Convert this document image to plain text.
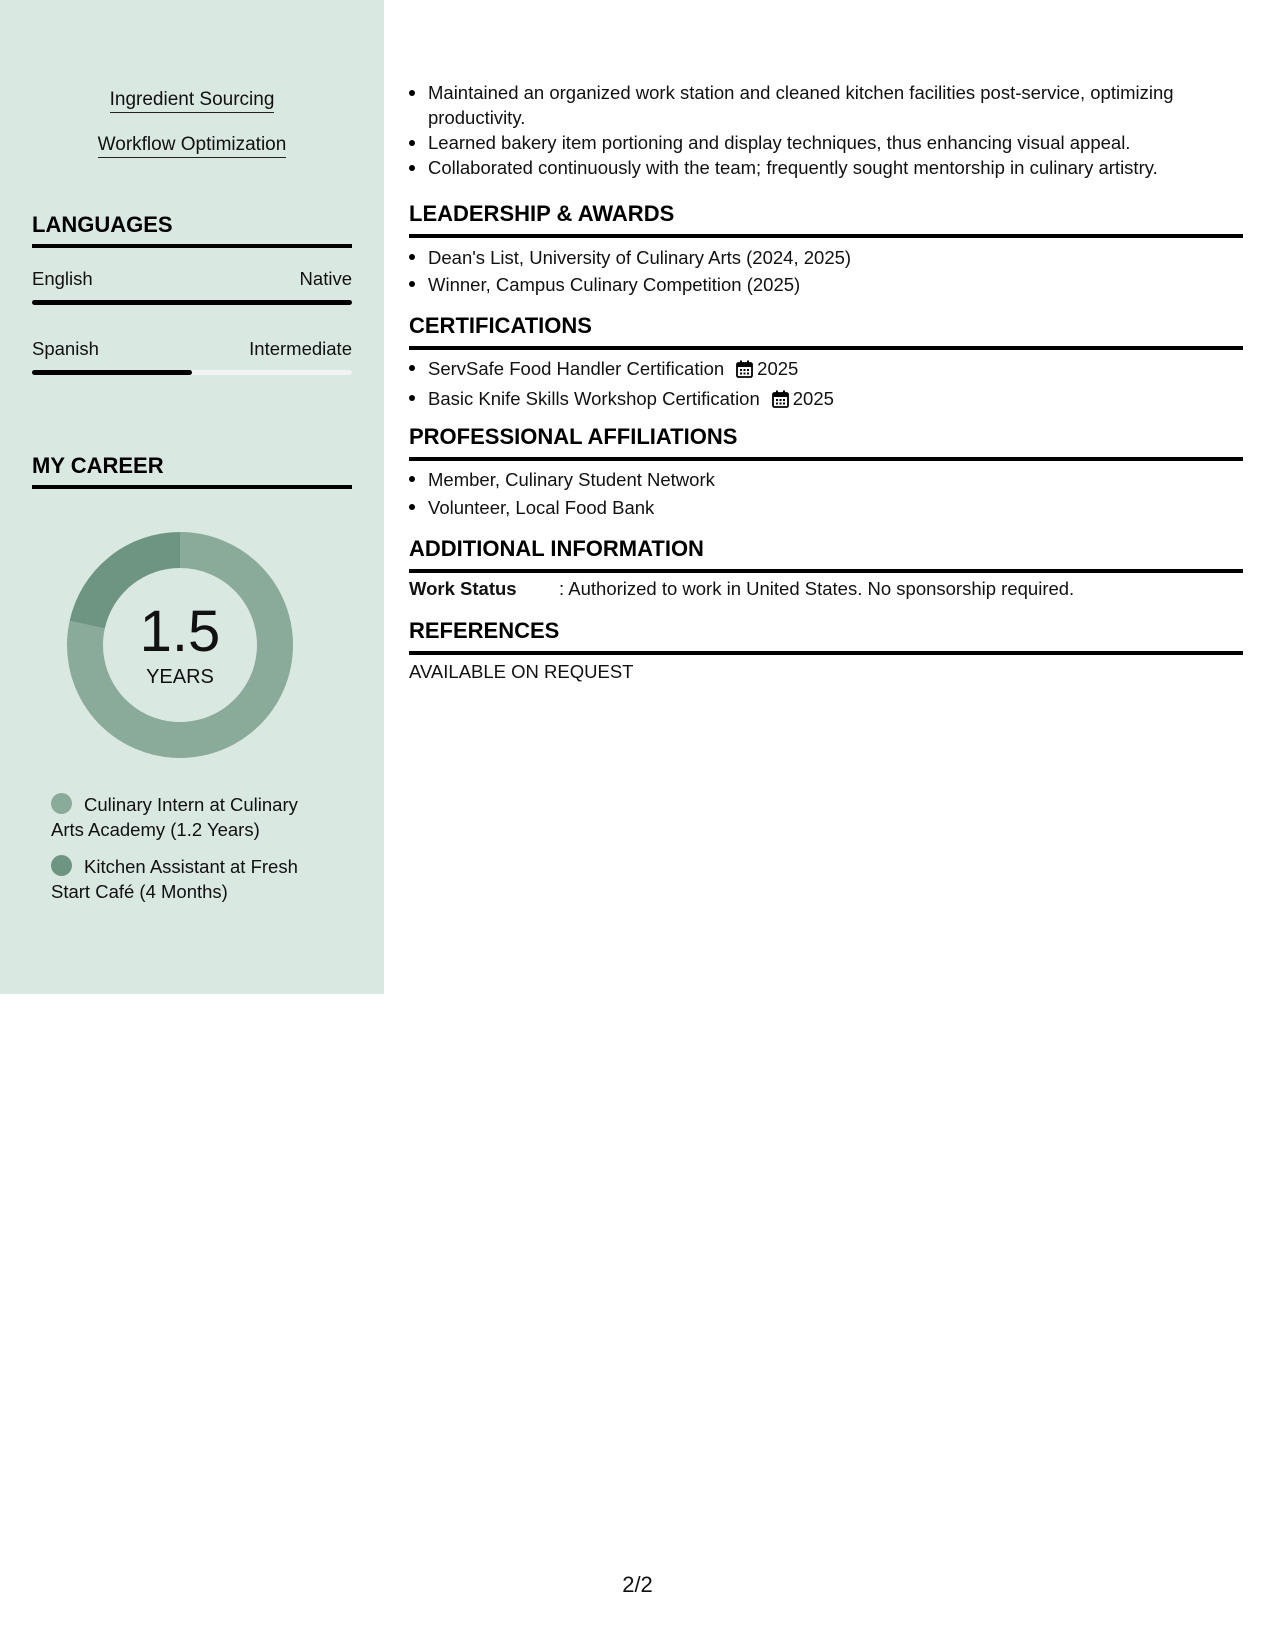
Ingredient Sourcing
Workflow Optimization
LANGUAGES
English	Native
Spanish	Intermediate
MY CAREER
1.5
YEARS
Culinary Intern at Culinary Arts Academy (1.2 Years)
Kitchen Assistant at Fresh Start Café (4 Months)
Maintained an organized work station and cleaned kitchen facilities post-service, optimizing productivity.
Learned bakery item portioning and display techniques, thus enhancing visual appeal.
Collaborated continuously with the team; frequently sought mentorship in culinary artistry.
LEADERSHIP & AWARDS
Dean's List, University of Culinary Arts (2024, 2025)
Winner, Campus Culinary Competition (2025)
CERTIFICATIONS
ServSafe Food Handler Certification 2025
Basic Knife Skills Workshop Certification 2025
PROFESSIONAL AFFILIATIONS
Member, Culinary Student Network
Volunteer, Local Food Bank
ADDITIONAL INFORMATION
Work Status : Authorized to work in United States. No sponsorship required.
REFERENCES
AVAILABLE ON REQUEST
2/2
